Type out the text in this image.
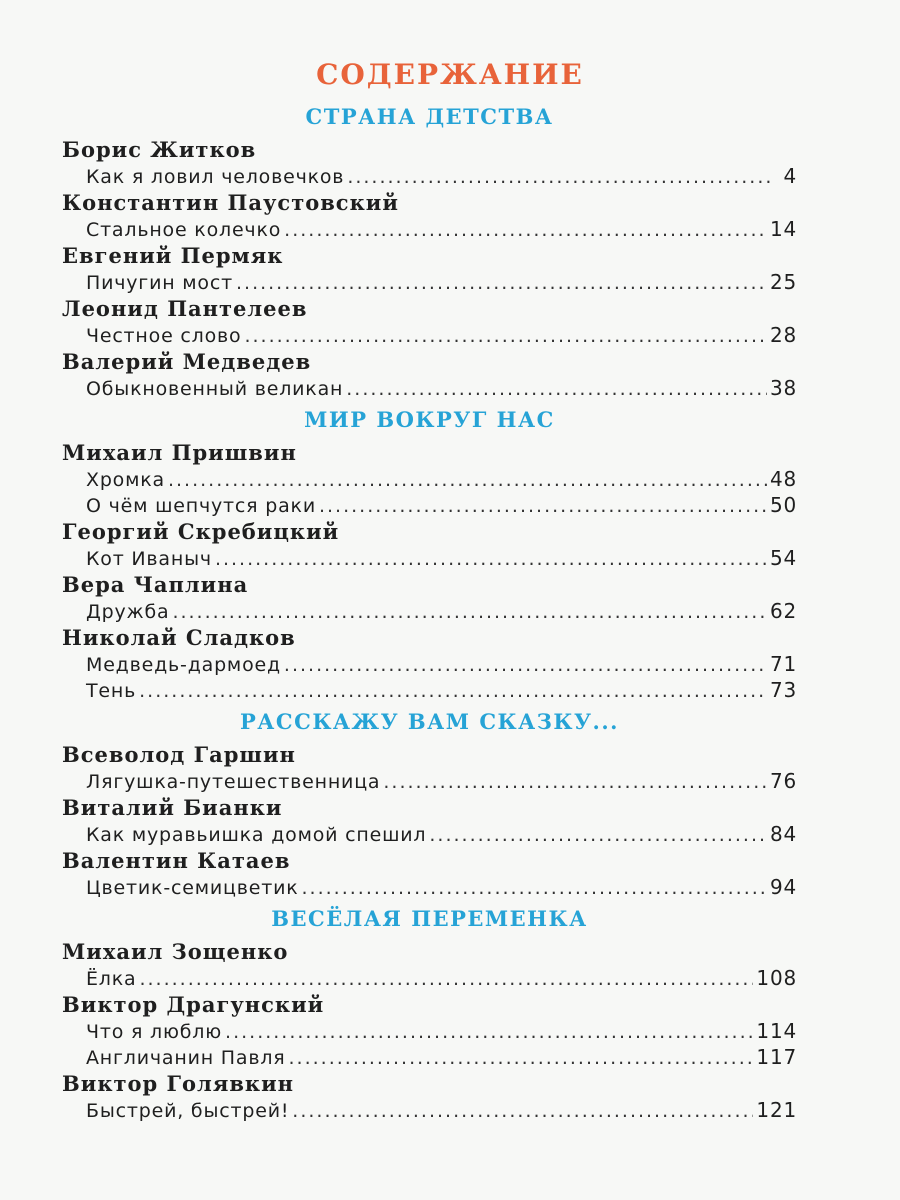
СОДЕРЖАНИЕ
СТРАНА ДЕТСТВА
Борис Житков
Как я ловил человечков .....	4
Константин Паустовский
Стальное колечко .....	14
Евгений Пермяк
Пичугин мост .....	25
Леонид Пантелеев
Честное слово .....	28
Валерий Медведев
Обыкновенный великан .....	38
МИР ВОКРУГ НАС
Михаил Пришвин
Хромка .....	48
О чём шепчутся раки .....	50
Георгий Скребицкий
Кот Иваныч .....	54
Вера Чаплина
Дружба .....	62
Николай Сладков
Медведь-дармоед .....	71
Тень .....	73
РАССКАЖУ ВАМ СКАЗКУ...
Всеволод Гаршин
Лягушка-путешественница .....	76
Виталий Бианки
Как муравьишка домой спешил .....	84
Валентин Катаев
Цветик-семицветик .....	94
ВЕСЁЛАЯ ПЕРЕМЕНКА
Михаил Зощенко
Ёлка .....	108
Виктор Драгунский
Что я люблю .....	114
Англичанин Павля .....	117
Виктор Голявкин
Быстрей, быстрей! .....	121
